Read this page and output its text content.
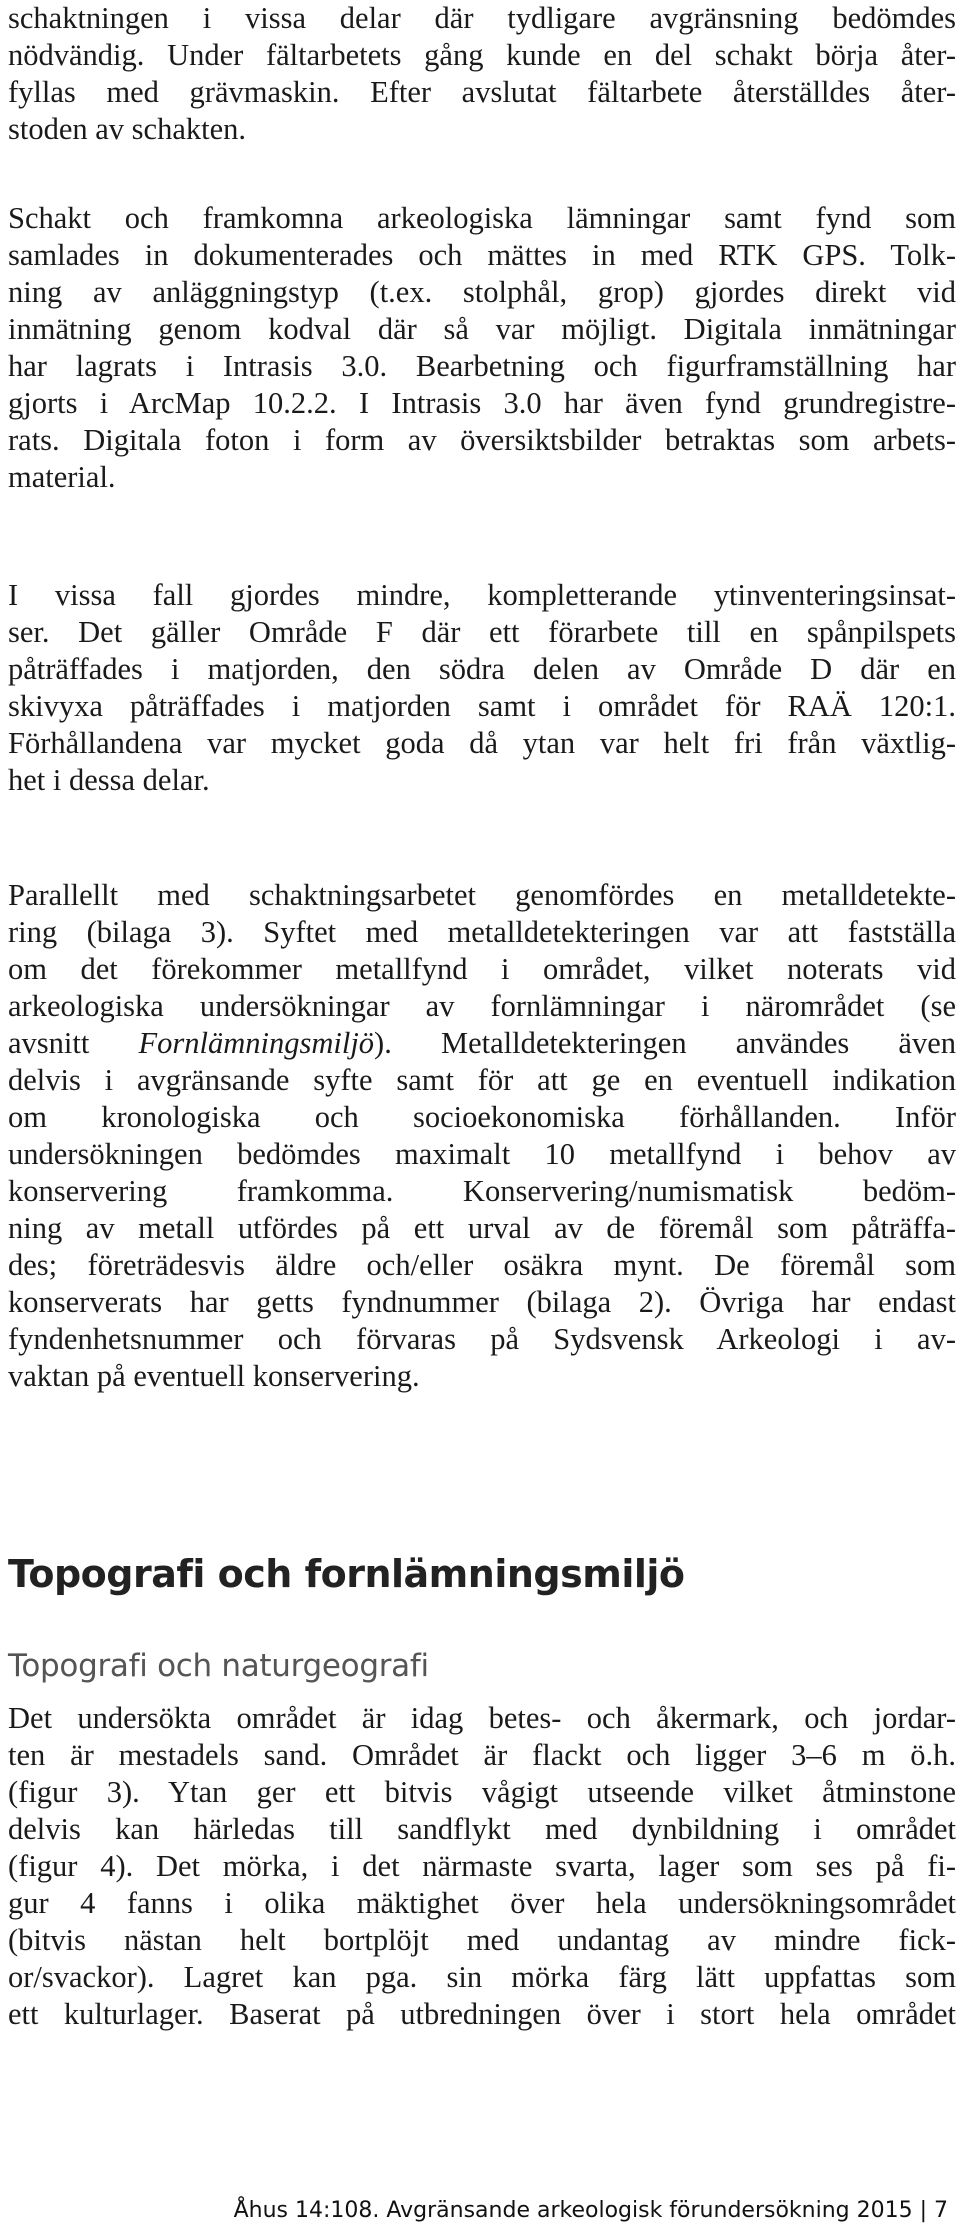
schaktningen i vissa delar där tydligare avgränsning bedömdes
nödvändig. Under fältarbetets gång kunde en del schakt börja åter-
fyllas med grävmaskin. Efter avslutat fältarbete återställdes åter-
stoden av schakten.
Schakt och framkomna arkeologiska lämningar samt fynd som
samlades in dokumenterades och mättes in med RTK GPS. Tolk-
ning av anläggningstyp (t.ex. stolphål, grop) gjordes direkt vid
inmätning genom kodval där så var möjligt. Digitala inmätningar
har lagrats i Intrasis 3.0. Bearbetning och figurframställning har
gjorts i ArcMap 10.2.2. I Intrasis 3.0 har även fynd grundregistre-
rats. Digitala foton i form av översiktsbilder betraktas som arbets-
material.
I vissa fall gjordes mindre, kompletterande ytinventeringsinsat-
ser. Det gäller Område F där ett förarbete till en spånpilspets
påträffades i matjorden, den södra delen av Område D där en
skivyxa påträffades i matjorden samt i området för RAÄ 120:1.
Förhållandena var mycket goda då ytan var helt fri från växtlig-
het i dessa delar.
Parallellt med schaktningsarbetet genomfördes en metalldetekte-
ring (bilaga 3). Syftet med metalldetekteringen var att fastställa
om det förekommer metallfynd i området, vilket noterats vid
arkeologiska undersökningar av fornlämningar i närområdet (se
avsnitt Fornlämningsmiljö). Metalldetekteringen användes även
delvis i avgränsande syfte samt för att ge en eventuell indikation
om kronologiska och socioekonomiska förhållanden. Inför
undersökningen bedömdes maximalt 10 metallfynd i behov av
konservering framkomma. Konservering/numismatisk bedöm-
ning av metall utfördes på ett urval av de föremål som påträffa-
des; företrädesvis äldre och/eller osäkra mynt. De föremål som
konserverats har getts fyndnummer (bilaga 2). Övriga har endast
fyndenhetsnummer och förvaras på Sydsvensk Arkeologi i av-
vaktan på eventuell konservering.
Topografi och fornlämningsmiljö
Topografi och naturgeografi
Det undersökta området är idag betes- och åkermark, och jordar-
ten är mestadels sand. Området är flackt och ligger 3–6 m ö.h.
(figur 3). Ytan ger ett bitvis vågigt utseende vilket åtminstone
delvis kan härledas till sandflykt med dynbildning i området
(figur 4). Det mörka, i det närmaste svarta, lager som ses på fi-
gur 4 fanns i olika mäktighet över hela undersökningsområdet
(bitvis nästan helt bortplöjt med undantag av mindre fick-
or/svackor). Lagret kan pga. sin mörka färg lätt uppfattas som
ett kulturlager. Baserat på utbredningen över i stort hela området
Åhus 14:108. Avgränsande arkeologisk förundersökning 2015 | 7
